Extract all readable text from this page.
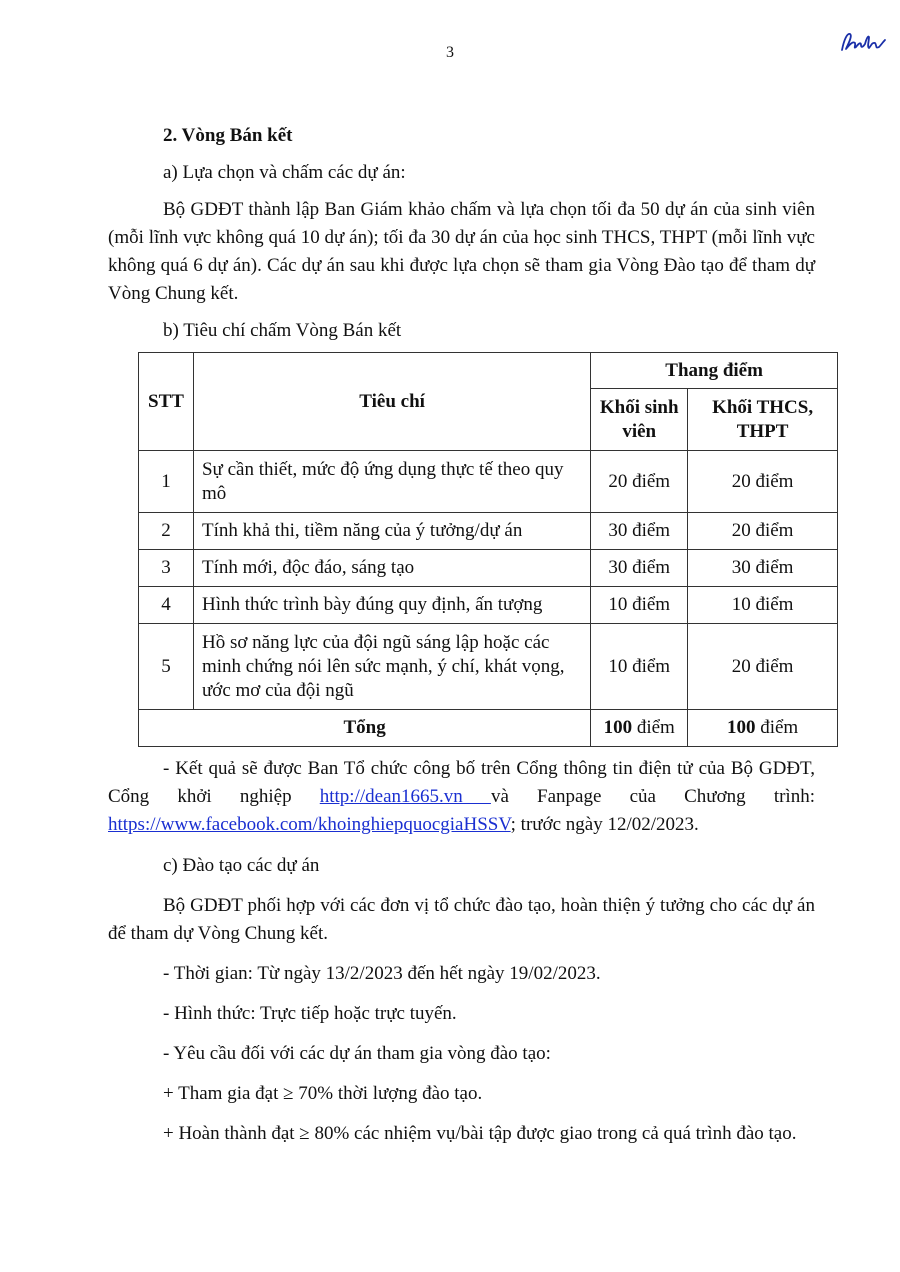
3

2. Vòng Bán kết

a) Lựa chọn và chấm các dự án:

Bộ GDĐT thành lập Ban Giám khảo chấm và lựa chọn tối đa 50 dự án của sinh viên (mỗi lĩnh vực không quá 10 dự án); tối đa 30 dự án của học sinh THCS, THPT (mỗi lĩnh vực không quá 6 dự án). Các dự án sau khi được lựa chọn sẽ tham gia Vòng Đào tạo để tham dự Vòng Chung kết.

b) Tiêu chí chấm Vòng Bán kết

STT	Tiêu chí	Thang điểm	
		Khối sinh viên	Khối THCS, THPT
1	Sự cần thiết, mức độ ứng dụng thực tế theo quy mô	20 điểm	20 điểm
2	Tính khả thi, tiềm năng của ý tưởng/dự án	30 điểm	20 điểm
3	Tính mới, độc đáo, sáng tạo	30 điểm	30 điểm
4	Hình thức trình bày đúng quy định, ấn tượng	10 điểm	10 điểm
5	Hồ sơ năng lực của đội ngũ sáng lập hoặc các minh chứng nói lên sức mạnh, ý chí, khát vọng, ước mơ của đội ngũ	10 điểm	20 điểm
Tổng		100 điểm	100 điểm

- Kết quả sẽ được Ban Tổ chức công bố trên Cổng thông tin điện tử của Bộ GDĐT, Cổng khởi nghiệp http://dean1665.vn và Fanpage của Chương trình: https://www.facebook.com/khoinghiepquocgiaHSSV; trước ngày 12/02/2023.

c) Đào tạo các dự án

Bộ GDĐT phối hợp với các đơn vị tổ chức đào tạo, hoàn thiện ý tưởng cho các dự án để tham dự Vòng Chung kết.

- Thời gian: Từ ngày 13/2/2023 đến hết ngày 19/02/2023.

- Hình thức: Trực tiếp hoặc trực tuyến.

- Yêu cầu đối với các dự án tham gia vòng đào tạo:

+ Tham gia đạt ≥ 70% thời lượng đào tạo.

+ Hoàn thành đạt ≥ 80% các nhiệm vụ/bài tập được giao trong cả quá trình đào tạo.
